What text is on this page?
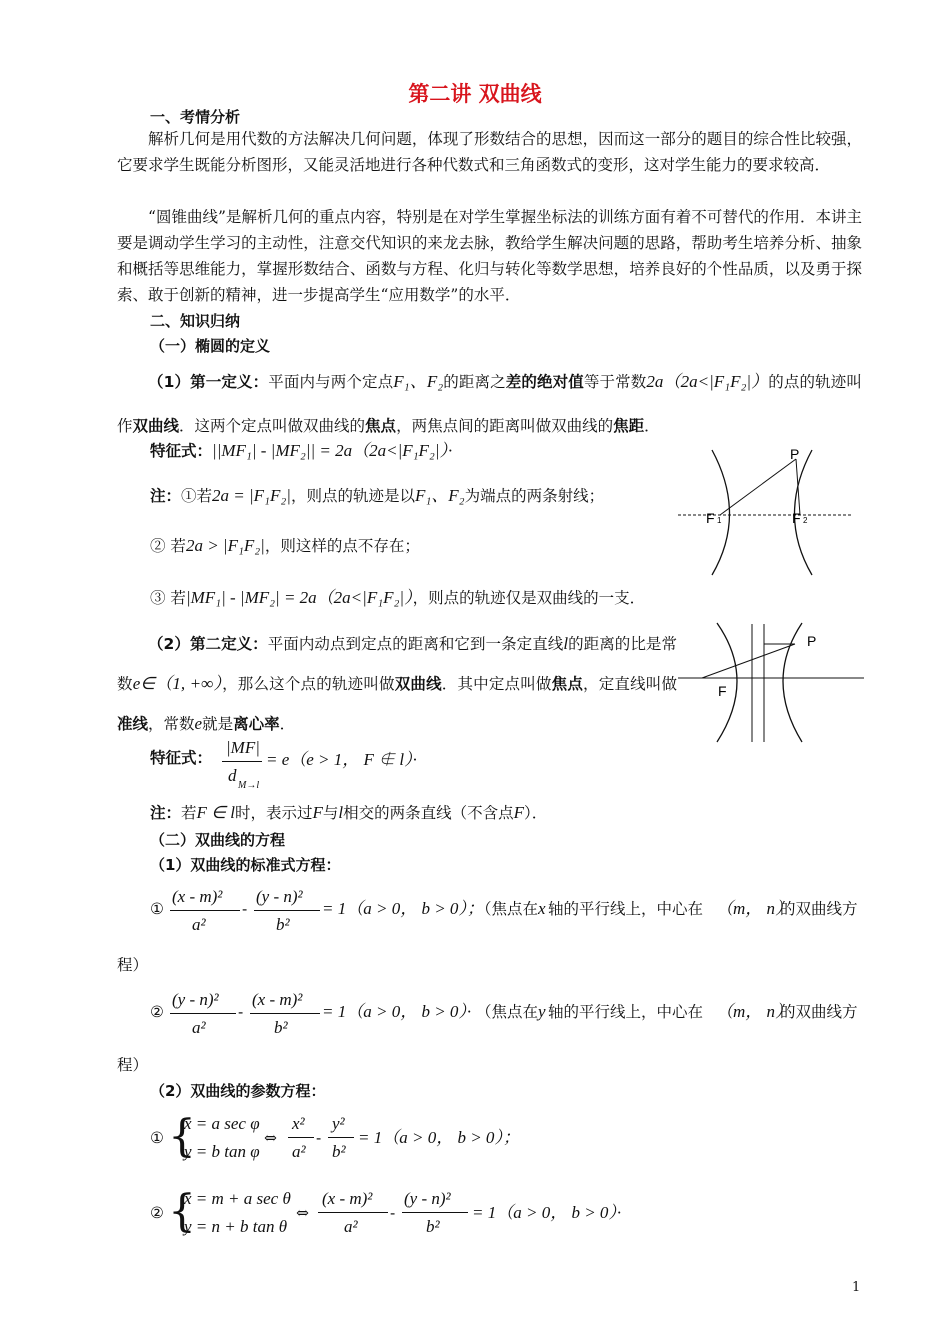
第二讲 双曲线
一、考情分析
解析几何是用代数的方法解决几何问题，体现了形数结合的思想，因而这一部分的题目的综合性比较强，它要求学生既能分析图形，又能灵活地进行各种代数式和三角函数式的变形，这对学生能力的要求较高．
“圆锥曲线”是解析几何的重点内容，特别是在对学生掌握坐标法的训练方面有着不可替代的作用．本讲主要是调动学生学习的主动性，注意交代知识的来龙去脉，教给学生解决问题的思路，帮助考生培养分析、抽象和概括等思维能力，掌握形数结合、函数与方程、化归与转化等数学思想，培养良好的个性品质，以及勇于探索、敢于创新的精神，进一步提高学生“应用数学”的水平．
二、知识归纳
（一）椭圆的定义
（1）第一定义：平面内与两个定点F₁、F₂的距离之差的绝对值等于常数2a（2a<|F₁F₂|）的点的轨迹叫作双曲线．这两个定点叫做双曲线的焦点，两焦点间的距离叫做双曲线的焦距．
特征式：||MF₁| - |MF₂|| = 2a（2a<|F₁F₂|）·
注：①若2a = |F₁F₂|，则点的轨迹是以F₁、F₂为端点的两条射线；
② 若2a > |F₁F₂|，则这样的点不存在；
③ 若|MF₁| - |MF₂| = 2a（2a<|F₁F₂|），则点的轨迹仅是双曲线的一支．
P
F 1	F 2
（2）第二定义：平面内动点到定点的距离和它到一条定直线l的距离的比是常数e∈（1, +∞），那么这个点的轨迹叫做双曲线．其中定点叫做焦点，定直线叫做准线，常数e就是离心率．
P
F
特征式：
|MF|
d
M→l
= e（e > 1， F ∉ l）·
注：若F ∈ l时，表示过F与l相交的两条直线（不含点F）．
（二）双曲线的方程
（1）双曲线的标准式方程：
①
(x - m)²
a²
-
(y - n)²
b²
= 1（a > 0， b > 0）；
（焦点在 x 轴的平行线上，中心在 （m， n）
的双曲线方
程）
②
(y - n)²
a²
-
(x - m)²
b²
= 1（a > 0， b > 0）· （焦点在 y 轴的平行线上，中心在 （m， n）
的双曲线方
程）
（2）双曲线的参数方程：
① {
x = a sec φ
y = b tan φ
⇔
x²
a²
-
y²
b²
= 1（a > 0， b > 0）；
② {
x = m + a sec θ
y = n + b tan θ
⇔
(x - m)²
a²
-
(y - n)²
b²
= 1（a > 0， b > 0）·
1
